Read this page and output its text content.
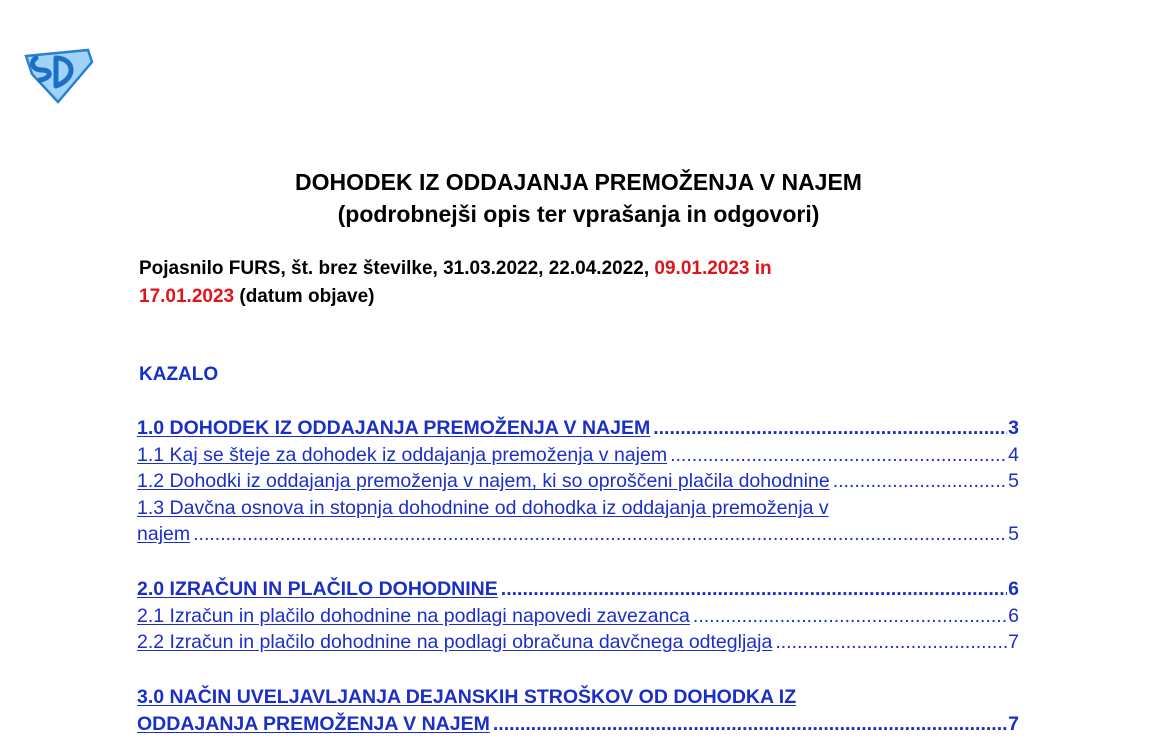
DOHODEK IZ ODDAJANJA PREMOŽENJA V NAJEM
(podrobnejši opis ter vprašanja in odgovori)
Pojasnilo FURS, št. brez številke, 31.03.2022, 22.04.2022, 09.01.2023 in
17.01.2023 (datum objave)
KAZALO
1.0 DOHODEK IZ ODDAJANJA PREMOŽENJA V NAJEM .....	3
1.1 Kaj se šteje za dohodek iz oddajanja premoženja v najem .....	4
1.2 Dohodki iz oddajanja premoženja v najem, ki so oproščeni plačila dohodnine .....	5
1.3 Davčna osnova in stopnja dohodnine od dohodka iz oddajanja premoženja v
najem .....	5
2.0 IZRAČUN IN PLAČILO DOHODNINE .....	6
2.1 Izračun in plačilo dohodnine na podlagi napovedi zavezanca .....	6
2.2 Izračun in plačilo dohodnine na podlagi obračuna davčnega odtegljaja .....	7
3.0 NAČIN UVELJAVLJANJA DEJANSKIH STROŠKOV OD DOHODKA IZ
ODDAJANJA PREMOŽENJA V NAJEM .....	7
